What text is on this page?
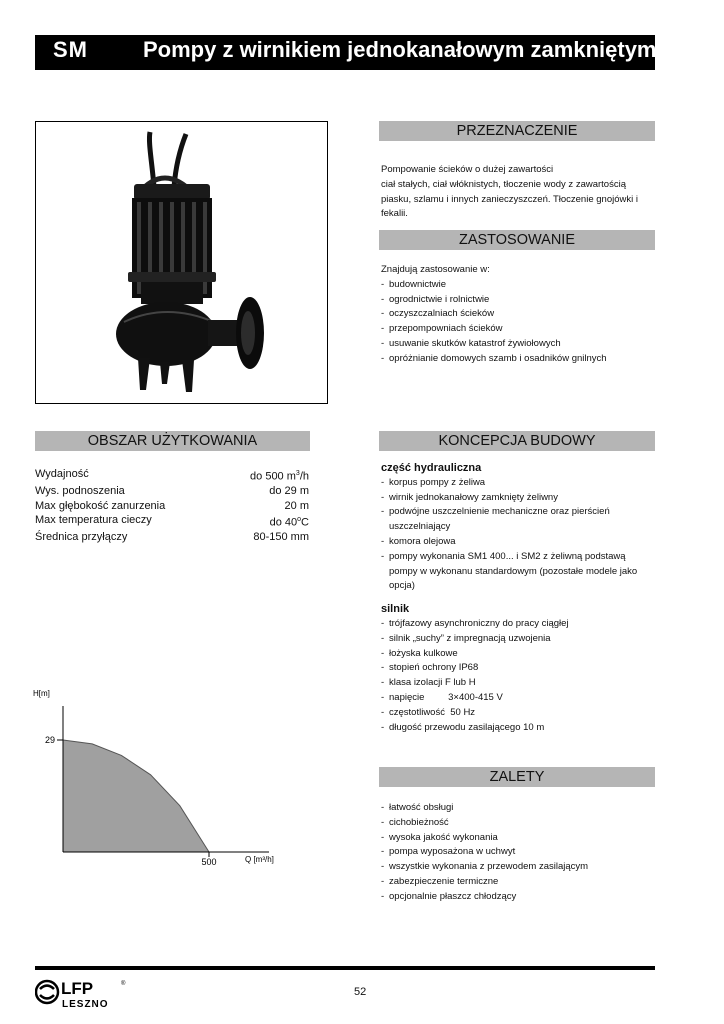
SM	Pompy z wirnikiem jednokanałowym zamkniętym
PRZEZNACZENIE
Pompowanie ścieków o dużej zawartości
ciał stałych, ciał włóknistych, tłoczenie wody z zawartością
piasku, szlamu i innych zanieczyszczeń. Tłoczenie gnojówki i
fekalii.
ZASTOSOWANIE
Znajdują zastosowanie w:
- budownictwie
- ogrodnictwie i rolnictwie
- oczyszczalniach ścieków
- przepompowniach ścieków
- usuwanie skutków katastrof żywiołowych
- opróżnianie domowych szamb i osadników gnilnych
OBSZAR UŻYTKOWANIA
Wydajność	do 500 $m^3/h$
Wys. podnoszenia	do 29 m
Max głębokość zanurzenia	20 m
Max temperatura cieczy	do 40$^o$C
Średnica przyłączy	80-150 mm
KONCEPCJA BUDOWY
część hydrauliczna
- korpus pompy z żeliwa
- wirnik jednokanałowy zamknięty żeliwny
- podwójne uszczelnienie mechaniczne oraz pierścień uszczelniający
- komora olejowa
- pompy wykonania SM1 400... i SM2 z żeliwną podstawą pompy w wykonanu standardowym (pozostałe modele jako opcja)
silnik
- trójfazowy asynchroniczny do pracy ciągłej
- silnik „suchy” z impregnacją uzwojenia
- łożyska kulkowe
- stopień ochrony IP68
- klasa izolacji F lub H
- napięcie         3×400-415 V
- częstotliwość  50 Hz
- długość przewodu zasilającego 10 m
H[m]
29
500	Q [m³/h]
ZALETY
- łatwość obsługi
- cichobieżność
- wysoka jakość wykonania
- pompa wyposażona w uchwyt
- wszystkie wykonania z przewodem zasilającym
- zabezpieczenie termiczne
- opcjonalnie płaszcz chłodzący
LFP
LESZNO
®
52
